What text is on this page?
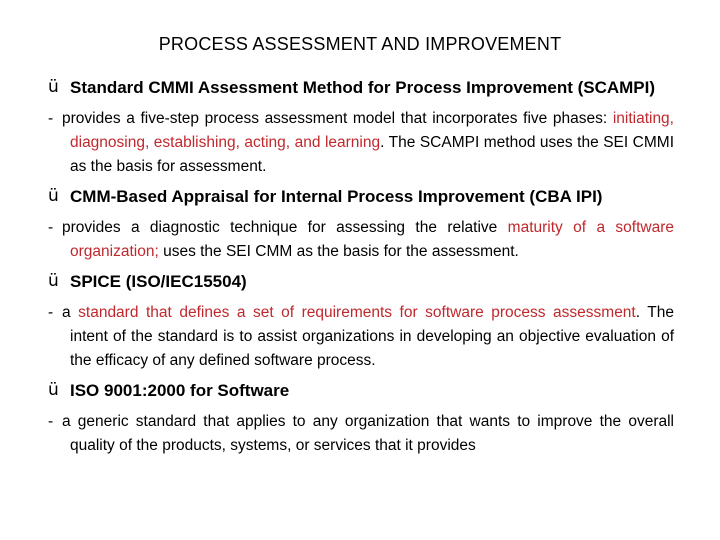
PROCESS ASSESSMENT AND IMPROVEMENT
ü Standard CMMI Assessment Method for Process Improvement (SCAMPI)
- provides a five-step process assessment model that incorporates five phases: initiating, diagnosing, establishing, acting, and learning. The SCAMPI method uses the SEI CMMI as the basis for assessment.
ü CMM-Based Appraisal for Internal Process Improvement (CBA IPI)
- provides a diagnostic technique for assessing the relative maturity of a software organization; uses the SEI CMM as the basis for the assessment.
ü SPICE (ISO/IEC15504)
- a standard that defines a set of requirements for software process assessment. The intent of the standard is to assist organizations in developing an objective evaluation of the efficacy of any defined software process.
ü ISO 9001:2000 for Software
- a generic standard that applies to any organization that wants to improve the overall quality of the products, systems, or services that it provides
